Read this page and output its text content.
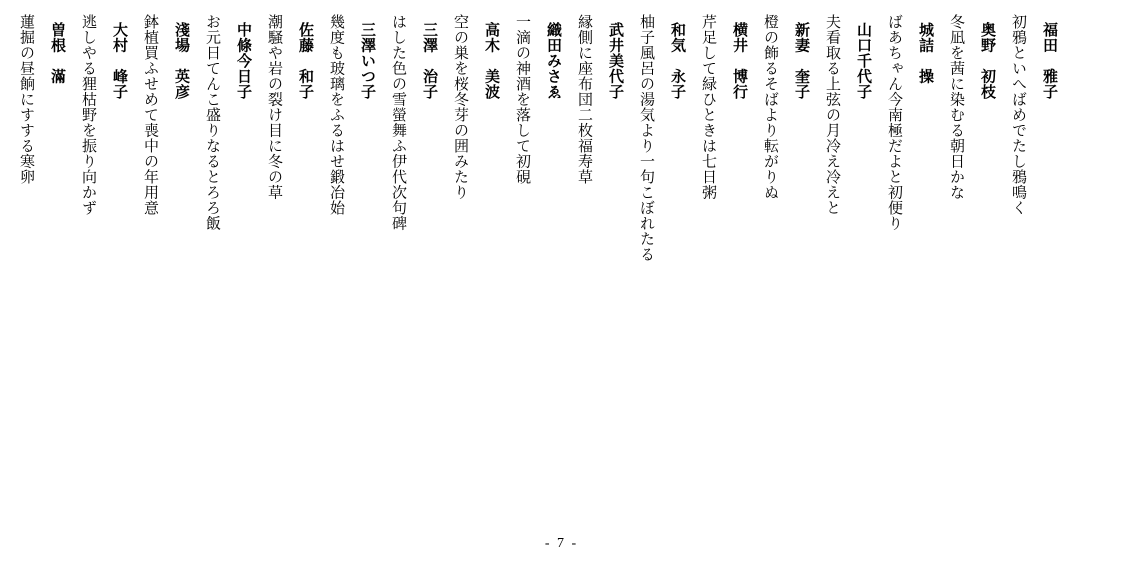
福田　雅子
初鴉といへばめでたし鴉鳴く
奥野　初枝
冬凪を茜に染むる朝日かな
城詰　操
ばあちゃん今南極だよと初便り
山口千代子
夫看取る上弦の月冷え冷えと
新妻　奎子
橙の飾るそばより転がりぬ
横井　博行
芹足して緑ひときは七日粥
和気　永子
柚子風呂の湯気より一句こぼれたる
武井美代子
縁側に座布団二枚福寿草
織田みさゑ
一滴の神酒を落して初硯
高木　美波
空の巣を桜冬芽の囲みたり
三澤　治子
はした色の雪螢舞ふ伊代次句碑
三澤いつ子
幾度も玻璃をふるはせ鍛冶始
佐藤　和子
潮騒や岩の裂け目に冬の草
中條今日子
お元日てんこ盛りなるとろろ飯
淺場　英彦
鉢植買ふせめて喪中の年用意
大村　峰子
逃しやる狸枯野を振り向かず
曽根　滿
蓮掘の昼餉にすする寒卵
- 7 -
